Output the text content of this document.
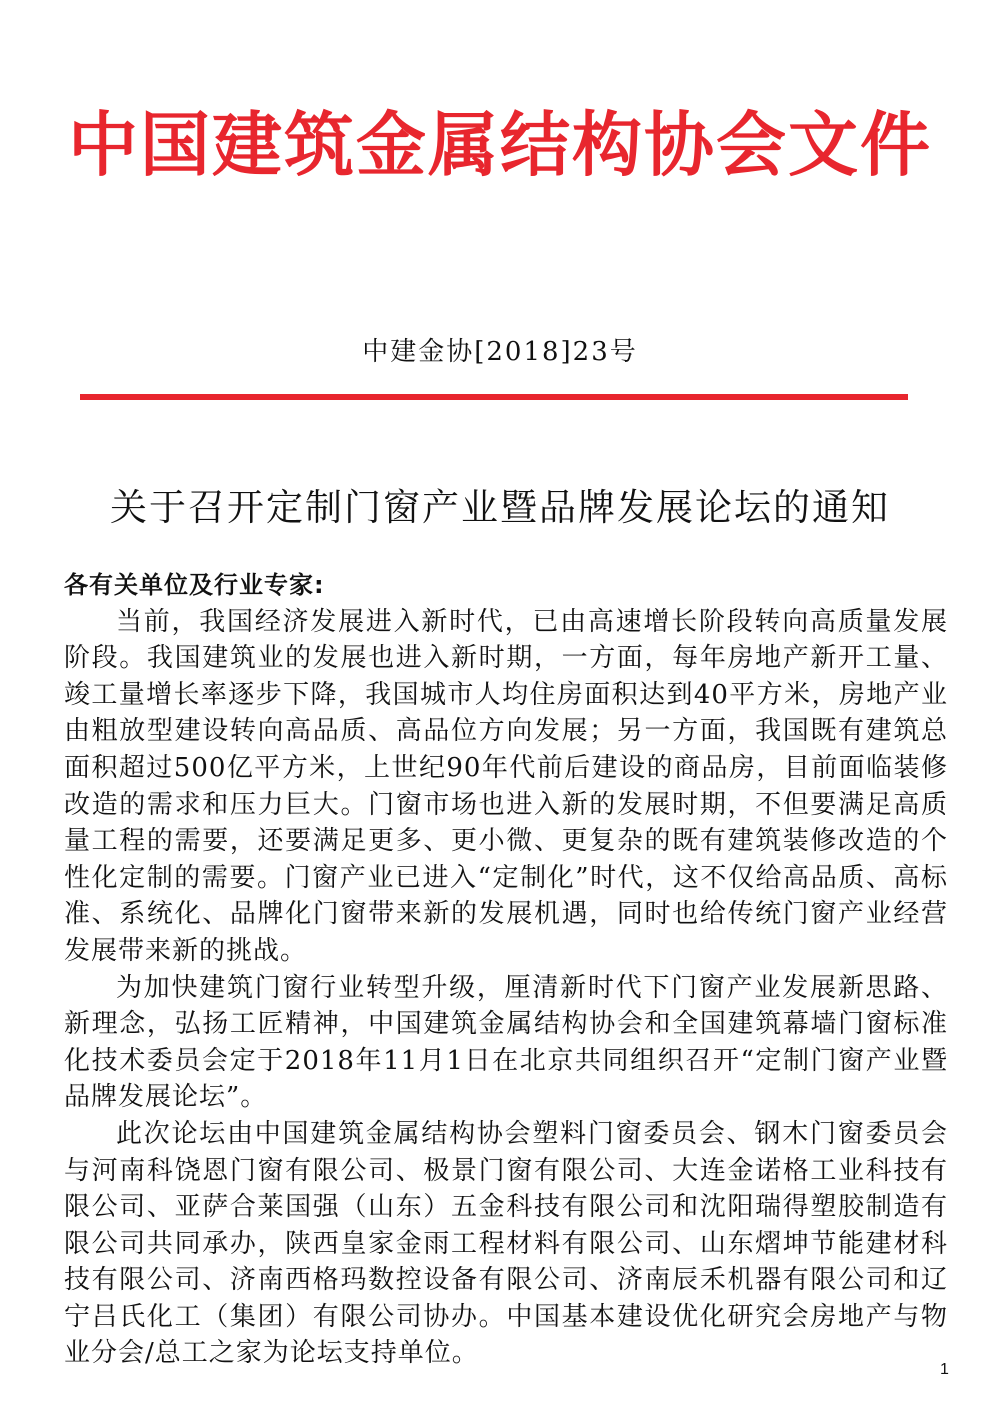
中国建筑金属结构协会文件
中建金协[2018]23号
关于召开定制门窗产业暨品牌发展论坛的通知

各有关单位及行业专家:

当前，我国经济发展进入新时代，已由高速增长阶段转向高质量发展阶段。我国建筑业的发展也进入新时期，一方面，每年房地产新开工量、竣工量增长率逐步下降，我国城市人均住房面积达到40平方米，房地产业由粗放型建设转向高品质、高品位方向发展；另一方面，我国既有建筑总面积超过500亿平方米，上世纪90年代前后建设的商品房，目前面临装修改造的需求和压力巨大。门窗市场也进入新的发展时期，不但要满足高质量工程的需要，还要满足更多、更小微、更复杂的既有建筑装修改造的个性化定制的需要。门窗产业已进入“定制化”时代，这不仅给高品质、高标准、系统化、品牌化门窗带来新的发展机遇，同时也给传统门窗产业经营发展带来新的挑战。

为加快建筑门窗行业转型升级，厘清新时代下门窗产业发展新思路、新理念，弘扬工匠精神，中国建筑金属结构协会和全国建筑幕墙门窗标准化技术委员会定于2018年11月1日在北京共同组织召开“定制门窗产业暨品牌发展论坛”。

此次论坛由中国建筑金属结构协会塑料门窗委员会、钢木门窗委员会与河南科饶恩门窗有限公司、极景门窗有限公司、大连金诺格工业科技有限公司、亚萨合莱国强（山东）五金科技有限公司和沈阳瑞得塑胶制造有限公司共同承办，陕西皇家金雨工程材料有限公司、山东熠坤节能建材科技有限公司、济南西格玛数控设备有限公司、济南辰禾机器有限公司和辽宁吕氏化工（集团）有限公司协办。中国基本建设优化研究会房地产与物业分会/总工之家为论坛支持单位。

1
